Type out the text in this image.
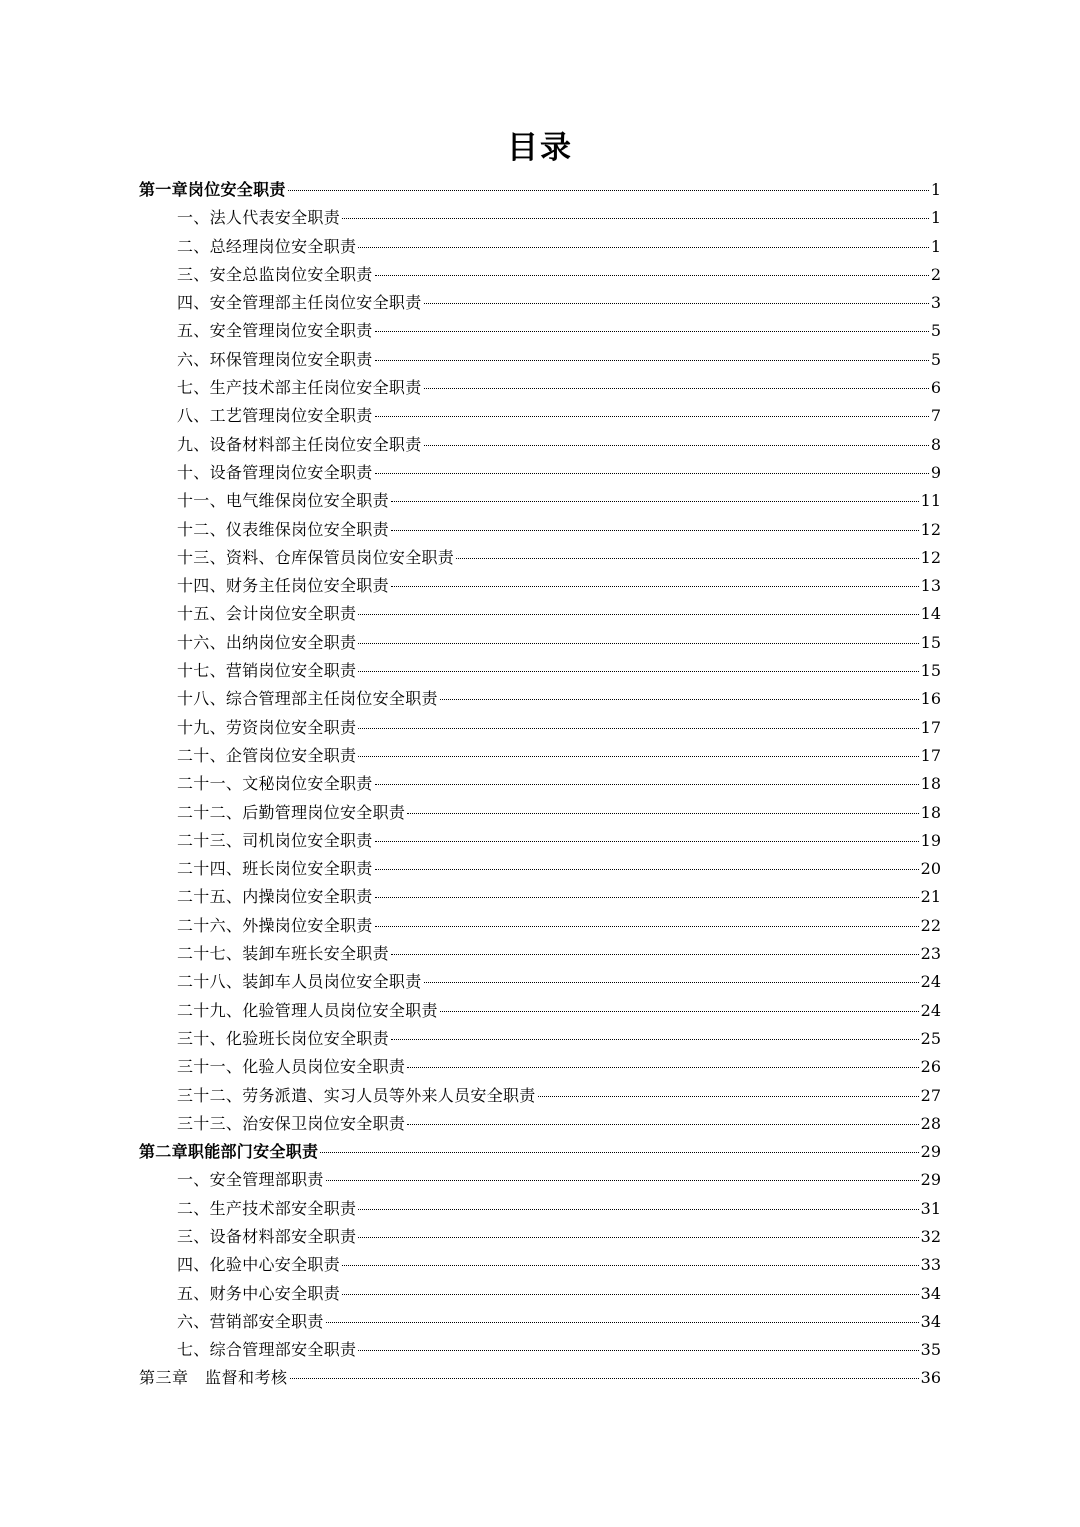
目录
第一章岗位安全职责	1
一、法人代表安全职责	1
二、总经理岗位安全职责	1
三、安全总监岗位安全职责	2
四、安全管理部主任岗位安全职责	3
五、安全管理岗位安全职责	5
六、环保管理岗位安全职责	5
七、生产技术部主任岗位安全职责	6
八、工艺管理岗位安全职责	7
九、设备材料部主任岗位安全职责	8
十、设备管理岗位安全职责	9
十一、电气维保岗位安全职责	11
十二、仪表维保岗位安全职责	12
十三、资料、仓库保管员岗位安全职责	12
十四、财务主任岗位安全职责	13
十五、会计岗位安全职责	14
十六、出纳岗位安全职责	15
十七、营销岗位安全职责	15
十八、综合管理部主任岗位安全职责	16
十九、劳资岗位安全职责	17
二十、企管岗位安全职责	17
二十一、文秘岗位安全职责	18
二十二、后勤管理岗位安全职责	18
二十三、司机岗位安全职责	19
二十四、班长岗位安全职责	20
二十五、内操岗位安全职责	21
二十六、外操岗位安全职责	22
二十七、装卸车班长安全职责	23
二十八、装卸车人员岗位安全职责	24
二十九、化验管理人员岗位安全职责	24
三十、化验班长岗位安全职责	25
三十一、化验人员岗位安全职责	26
三十二、劳务派遣、实习人员等外来人员安全职责	27
三十三、治安保卫岗位安全职责	28
第二章职能部门安全职责	29
一、安全管理部职责	29
二、生产技术部安全职责	31
三、设备材料部安全职责	32
四、化验中心安全职责	33
五、财务中心安全职责	34
六、营销部安全职责	34
七、综合管理部安全职责	35
第三章　监督和考核	36
